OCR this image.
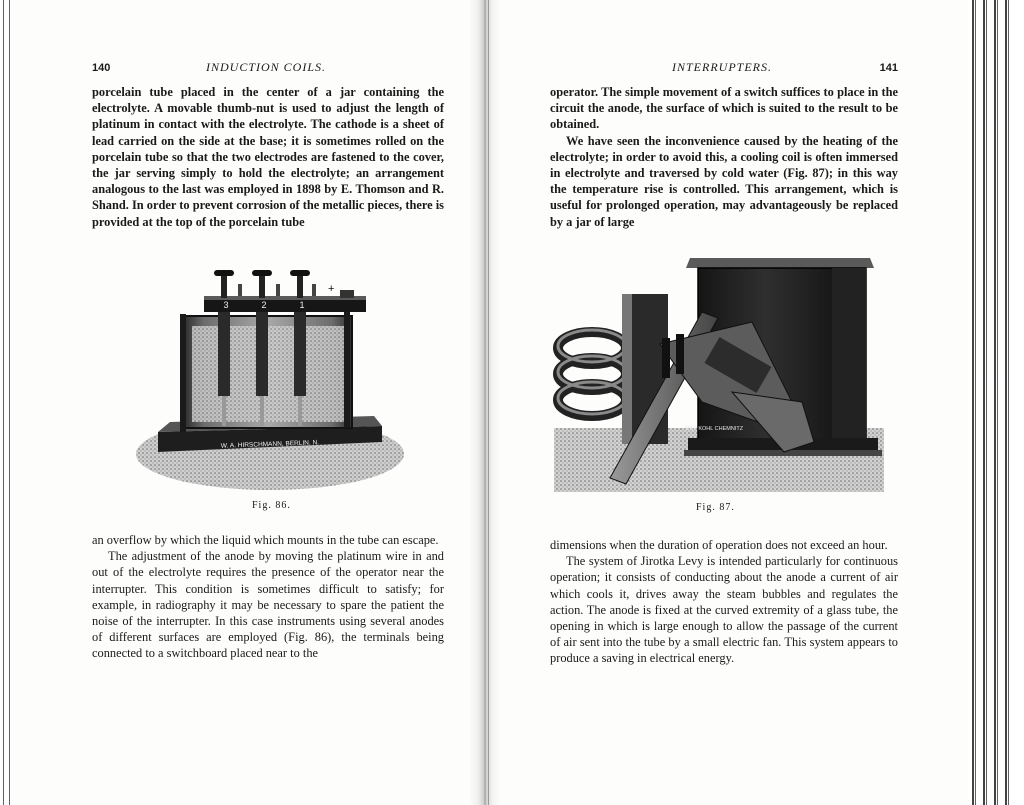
140	INDUCTION COILS.

porcelain tube placed in the center of a jar containing the electrolyte. A movable thumb-nut is used to adjust the length of platinum in contact with the electrolyte. The cathode is a sheet of lead carried on the side at the base; it is sometimes rolled on the porcelain tube so that the two electrodes are fastened to the cover, the jar serving simply to hold the electrolyte; an arrangement analogous to the last was employed in 1898 by E. Thomson and R. Shand. In order to prevent corrosion of the metallic pieces, there is provided at the top of the porcelain tube

an overflow by which the liquid which mounts in the tube can escape.

The adjustment of the anode by moving the platinum wire in and out of the electrolyte requires the presence of the operator near the interrupter. This condition is sometimes difficult to satisfy; for example, in radiography it may be necessary to spare the patient the noise of the interrupter. In this case instruments using several anodes of different surfaces are employed (Fig. 86), the terminals being connected to a switchboard placed near to the

3	2	1
+
W. A. HIRSCHMANN, BERLIN. N.
Fig. 86.
INTERRUPTERS.	141

operator. The simple movement of a switch suffices to place in the circuit the anode, the surface of which is suited to the result to be obtained.

We have seen the inconvenience caused by the heating of the electrolyte; in order to avoid this, a cooling coil is often immersed in electrolyte and traversed by cold water (Fig. 87); in this way the temperature rise is controlled. This arrangement, which is useful for prolonged operation, may advantageously be replaced by a jar of large

dimensions when the duration of operation does not exceed an hour.

The system of Jirotka Levy is intended particularly for continuous operation; it consists of conducting about the anode a current of air which cools it, drives away the steam bubbles and regulates the action. The anode is fixed at the curved extremity of a glass tube, the opening in which is large enough to allow the passage of the current of air sent into the tube by a small electric fan. This system appears to produce a saving in electrical energy.

MAX KOHL CHEMNITZ
Fig. 87.
